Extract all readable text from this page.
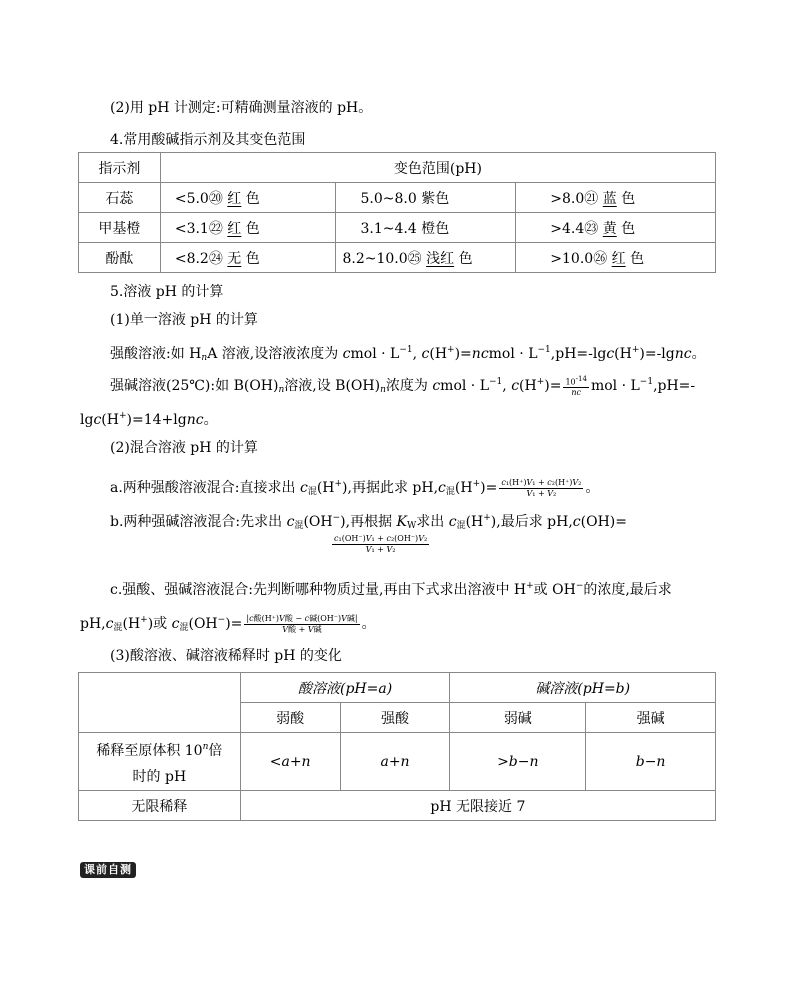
(2)用 pH 计测定:可精确测量溶液的 pH。
4.常用酸碱指示剂及其变色范围
指示剂	变色范围(pH)		
石蕊	<5.0⑳ 红 色	5.0~8.0 紫色	>8.0㉑ 蓝 色
甲基橙	<3.1㉒ 红 色	3.1~4.4 橙色	>4.4㉓ 黄 色
酚酞	<8.2㉔ 无 色	8.2~10.0㉕ 浅红 色	>10.0㉖ 红 色
5.溶液 pH 的计算
(1)单一溶液 pH 的计算
强酸溶液:如 $H_nA$ 溶液,设溶液浓度为 cmol · $L^{-1}$, c(H+)=ncmol · $L^{-1},pH=-\lg c(H^+)=$-lgnc。
强碱溶液(25℃):如 $B(OH)_n$溶液,设 $B(OH)_n$浓度为 cmol · $L^{-1}$, $c(H^+)= \frac{10^{-14}}{nc}$ mol · $L^{-1},pH=-$
lgc(H+)=14+lgnc。
(2)混合溶液 pH 的计算
a.两种强酸溶液混合:直接求出 $c_混(H^+)$,再据此求 $pH,c_混(H^+)= \frac{\text{c₁(H⁺)V₁ + c₂(H⁺)V₂}}{\text{V₁ + V₂}}$ 。
b.两种强碱溶液混合:先求出 $c_混(OH^-)$,再根据 $K_W$求出 $c_混(H^+)$,最后求 pH,c(OH)=
$\frac{\text{c₁(OH⁻)V₁ + c₂(OH⁻)V₂}}{\text{V₁ + V₂}}$
c.强酸、强碱溶液混合:先判断哪种物质过量,再由下式求出溶液中 H+或 OH−的浓度,最后求
$pH,c_混(H^+)$或 $c_混(OH^-)= \frac{\text{|c酸(H⁺)V酸 − c碱(OH⁻)V碱|}}{\text{V酸 + V碱}}$ 。
(3)酸溶液、碱溶液稀释时 pH 的变化
	酸溶液(pH=a)		碱溶液(pH=b)	
	弱酸	强酸	弱碱	强碱
稀释至原体积 10$^n$倍
时的 pH	<a+n	a+n	>b−n	b−n
无限稀释	pH 无限接近 7			
课前自测
